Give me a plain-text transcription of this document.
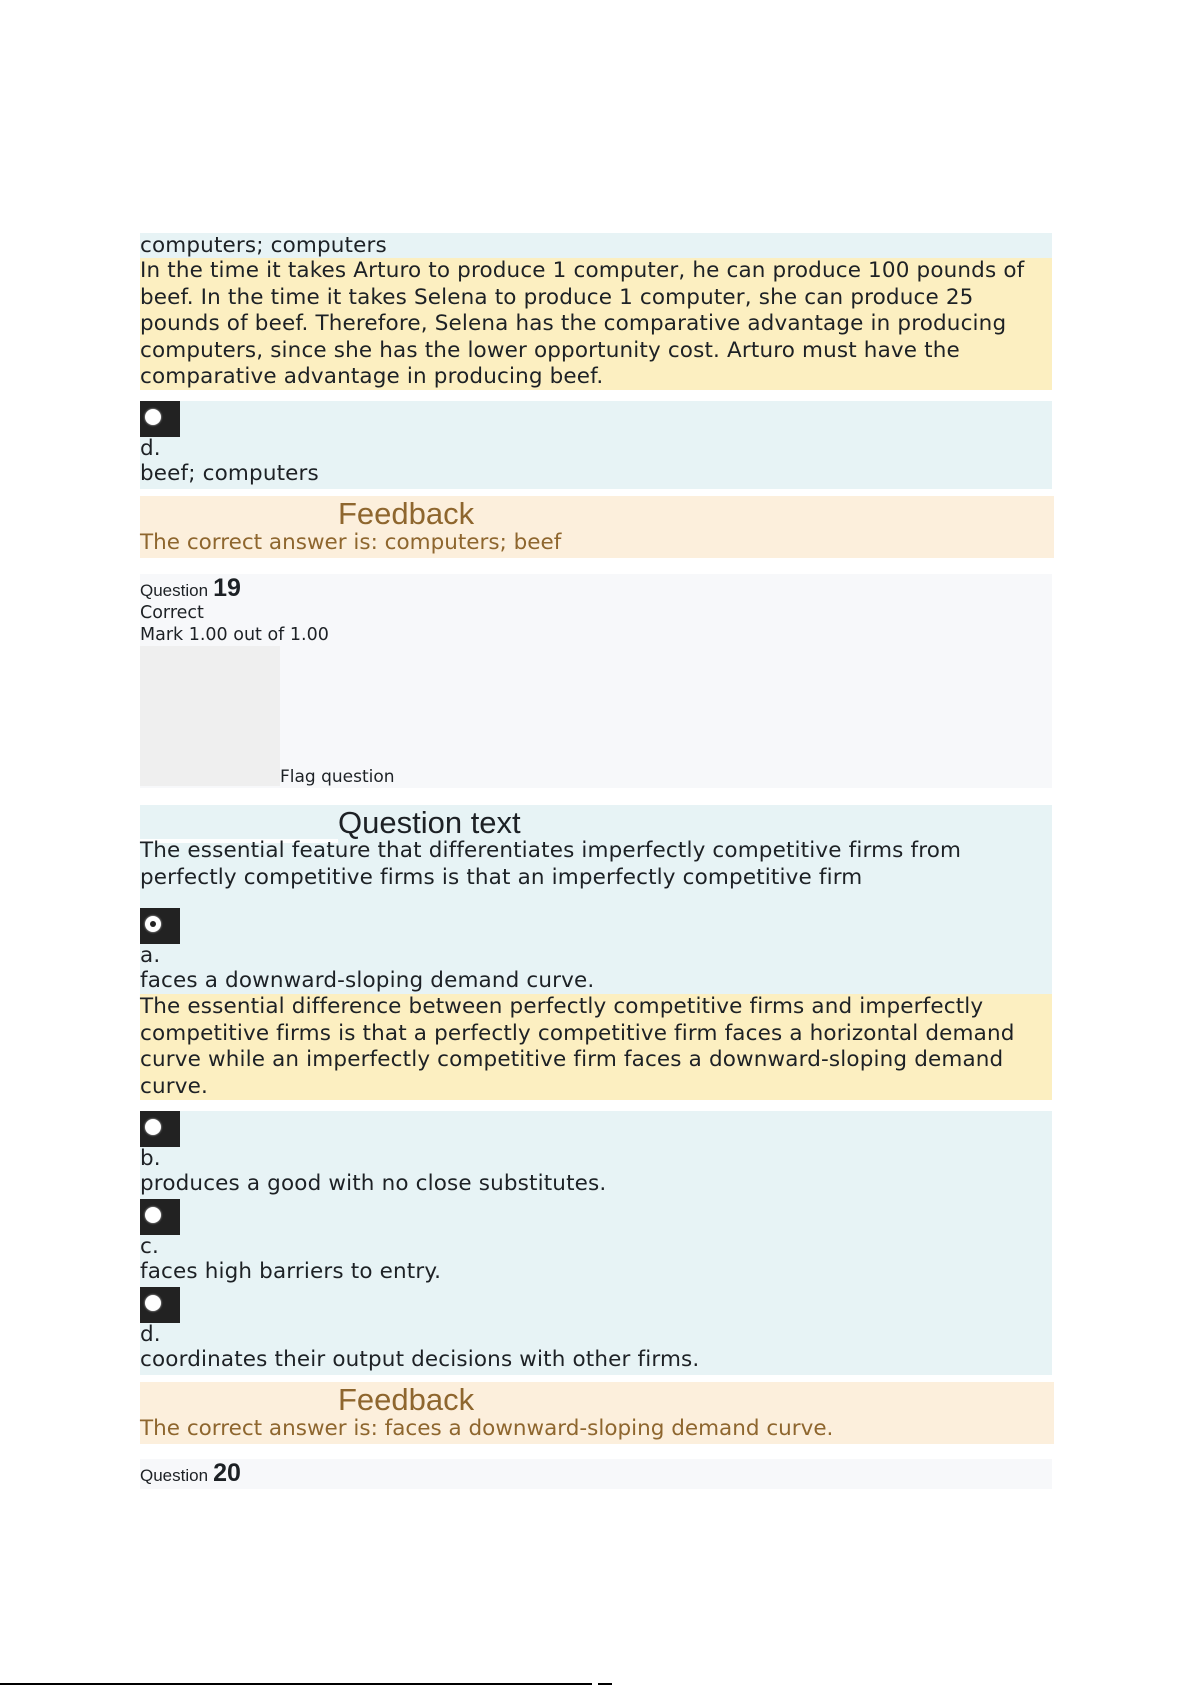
computers; computers
In the time it takes Arturo to produce 1 computer, he can produce 100 pounds of
beef. In the time it takes Selena to produce 1 computer, she can produce 25
pounds of beef. Therefore, Selena has the comparative advantage in producing
computers, since she has the lower opportunity cost. Arturo must have the
comparative advantage in producing beef.
d.
beef; computers
Feedback
The correct answer is: computers; beef
Question 19
Correct
Mark 1.00 out of 1.00
Flag question
Question text
The essential feature that differentiates imperfectly competitive firms from
perfectly competitive firms is that an imperfectly competitive firm
a.
faces a downward-sloping demand curve.
The essential difference between perfectly competitive firms and imperfectly
competitive firms is that a perfectly competitive firm faces a horizontal demand
curve while an imperfectly competitive firm faces a downward-sloping demand
curve.
b.
produces a good with no close substitutes.
c.
faces high barriers to entry.
d.
coordinates their output decisions with other firms.
Feedback
The correct answer is: faces a downward-sloping demand curve.
Question 20
